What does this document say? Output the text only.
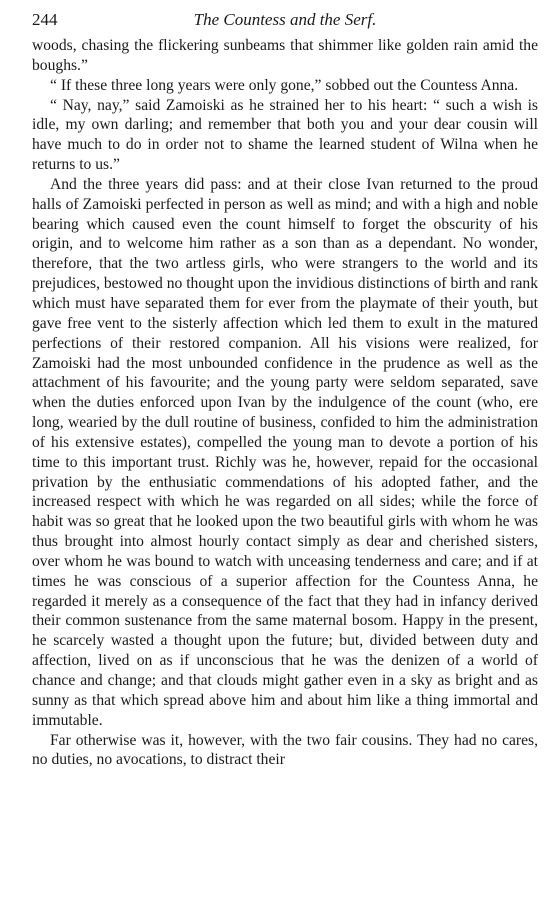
244	The Countess and the Serf.

woods, chasing the flickering sunbeams that shimmer like golden rain amid the boughs.”

“ If these three long years were only gone,” sobbed out the Countess Anna.

“ Nay, nay,” said Zamoiski as he strained her to his heart: “ such a wish is idle, my own darling; and remember that both you and your dear cousin will have much to do in order not to shame the learned student of Wilna when he returns to us.”

And the three years did pass: and at their close Ivan returned to the proud halls of Zamoiski perfected in person as well as mind; and with a high and noble bearing which caused even the count himself to forget the obscurity of his origin, and to welcome him rather as a son than as a dependant. No wonder, therefore, that the two artless girls, who were strangers to the world and its prejudices, bestowed no thought upon the invidious distinctions of birth and rank which must have separated them for ever from the playmate of their youth, but gave free vent to the sisterly affection which led them to exult in the matured perfections of their restored companion. All his visions were realized, for Zamoiski had the most unbounded confidence in the prudence as well as the attachment of his favourite; and the young party were seldom separated, save when the duties enforced upon Ivan by the indulgence of the count (who, ere long, wearied by the dull routine of business, confided to him the administration of his extensive estates), compelled the young man to devote a portion of his time to this important trust. Richly was he, however, repaid for the occasional privation by the enthusiatic commendations of his adopted father, and the increased respect with which he was regarded on all sides; while the force of habit was so great that he looked upon the two beautiful girls with whom he was thus brought into almost hourly contact simply as dear and cherished sisters, over whom he was bound to watch with unceasing tenderness and care; and if at times he was conscious of a superior affection for the Countess Anna, he regarded it merely as a consequence of the fact that they had in infancy derived their common sustenance from the same maternal bosom. Happy in the present, he scarcely wasted a thought upon the future; but, divided between duty and affection, lived on as if unconscious that he was the denizen of a world of chance and change; and that clouds might gather even in a sky as bright and as sunny as that which spread above him and about him like a thing immortal and immutable.

Far otherwise was it, however, with the two fair cousins. They had no cares, no duties, no avocations, to distract their
